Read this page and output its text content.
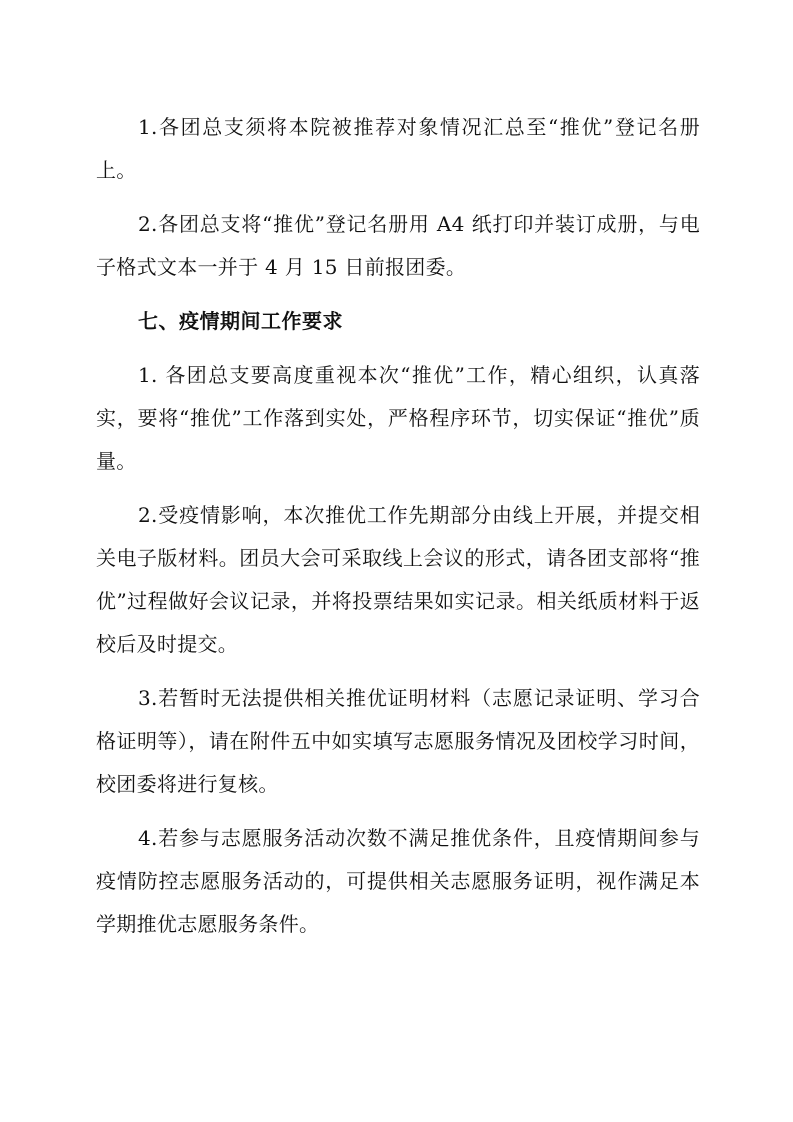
1.各团总支须将本院被推荐对象情况汇总至“推优”登记名册上。

2.各团总支将“推优”登记名册用 A4 纸打印并装订成册，与电子格式文本一并于 4 月 15 日前报团委。

七、疫情期间工作要求

1. 各团总支要高度重视本次“推优”工作，精心组织，认真落实，要将“推优”工作落到实处，严格程序环节，切实保证“推优”质量。

2.受疫情影响，本次推优工作先期部分由线上开展，并提交相关电子版材料。团员大会可采取线上会议的形式，请各团支部将“推优”过程做好会议记录，并将投票结果如实记录。相关纸质材料于返校后及时提交。

3.若暂时无法提供相关推优证明材料（志愿记录证明、学习合格证明等），请在附件五中如实填写志愿服务情况及团校学习时间，校团委将进行复核。

4.若参与志愿服务活动次数不满足推优条件，且疫情期间参与疫情防控志愿服务活动的，可提供相关志愿服务证明，视作满足本学期推优志愿服务条件。
